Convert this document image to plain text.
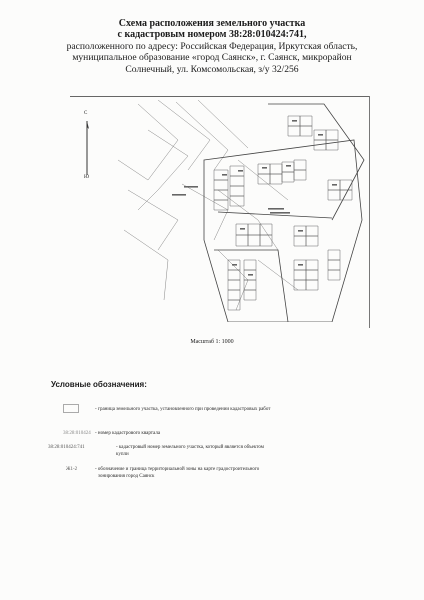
Схема расположения земельного участка
с кадастровым номером 38:28:010424:741,
расположенного по адресу: Российская Федерация, Иркутская область,
муниципальное образование «город Саянск», г. Саянск, микрорайон
Солнечный, ул. Комсомольская, з/у 32/256
С
Ю
Масштаб 1: 1000
Условные обозначения:
- граница земельного участка, установленного при проведении кадастровых работ
38:28:010424 - номер кадастрового квартала
38:28:010424:741	- кадастровый номер земельного участка, который является объектом
купли
Ж1-2	- обозначение и граница территориальной зоны на карте градостроительного
зонирования город Саянск
